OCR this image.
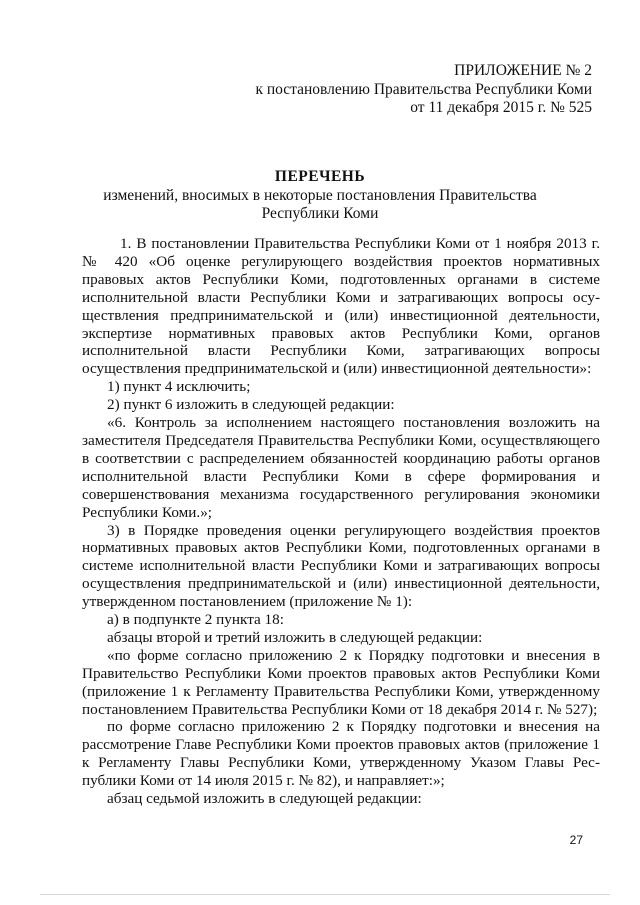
ПРИЛОЖЕНИЕ № 2
к постановлению Правительства Республики Коми
от 11 декабря 2015 г. № 525
ПЕРЕЧЕНЬ
изменений, вносимых в некоторые постановления Правительства
Республики Коми
1. В постановлении Правительства Республики Коми от 1 ноября 2013 г. № 420 «Об оценке регулирующего воздействия проектов нормативных правовых актов Республики Коми, подготовленных органами в системе исполнительной власти Республики Коми и затрагивающих вопросы осуществления предпринимательской и (или) инвестиционной деятельности, экспертизе нормативных правовых актов Республики Коми, органов исполнительной власти Республики Коми, затрагивающих вопросы осуществления предпринимательской и (или) инвестиционной деятельности»:
1) пункт 4 исключить;
2) пункт 6 изложить в следующей редакции:
«6. Контроль за исполнением настоящего постановления возложить на заместителя Председателя Правительства Республики Коми, осуществляющего в соответствии с распределением обязанностей координацию работы органов исполнительной власти Республики Коми в сфере формирования и совершенствования механизма государственного регулирования экономики Республики Коми.»;
3) в Порядке проведения оценки регулирующего воздействия проектов нормативных правовых актов Республики Коми, подготовленных органами в системе исполнительной власти Республики Коми и затрагивающих вопросы осуществления предпринимательской и (или) инвестиционной деятельности, утвержденном постановлением (приложение № 1):
а) в подпункте 2 пункта 18:
абзацы второй и третий изложить в следующей редакции:
«по форме согласно приложению 2 к Порядку подготовки и внесения в Правительство Республики Коми проектов правовых актов Республики Коми (приложение 1 к Регламенту Правительства Республики Коми, утвержденному постановлением Правительства Республики Коми от 18 декабря 2014 г. № 527);
по форме согласно приложению 2 к Порядку подготовки и внесения на рассмотрение Главе Республики Коми проектов правовых актов (приложение 1 к Регламенту Главы Республики Коми, утвержденному Указом Главы Республики Коми от 14 июля 2015 г. № 82), и направляет:»;
абзац седьмой изложить в следующей редакции:
27
